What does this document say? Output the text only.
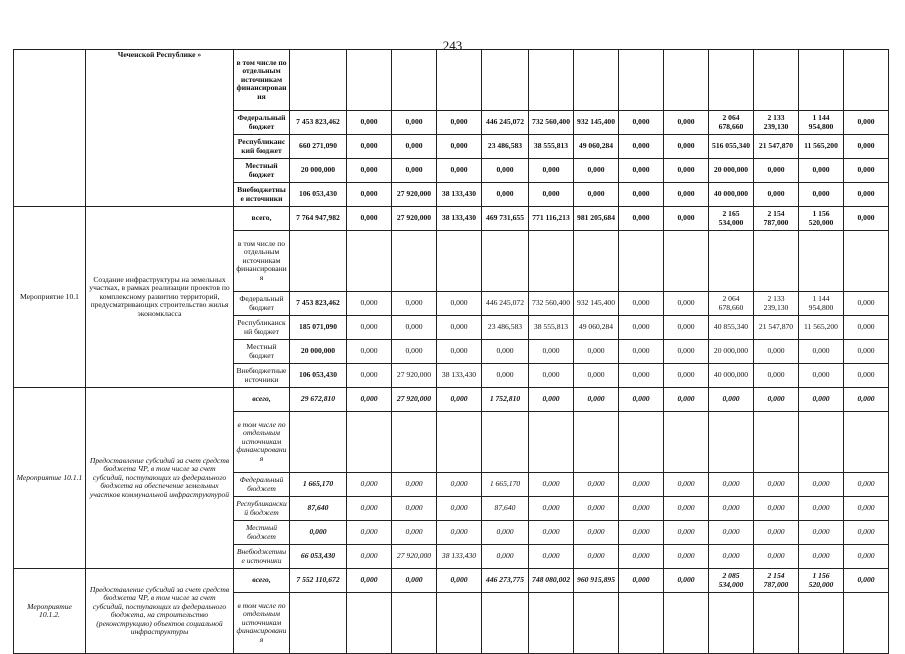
243
	Чеченской Республике »	в том числе по отдельным источникам финансирования													
		Федеральный бюджет	7 453 823,462	0,000	0,000	0,000	446 245,072	732 560,400	932 145,400	0,000	0,000	2 064 678,660	2 133 239,130	1 144 954,800	0,000
		Республиканский бюджет	660 271,090	0,000	0,000	0,000	23 486,583	38 555,813	49 060,284	0,000	0,000	516 055,340	21 547,870	11 565,200	0,000
		Местный бюджет	20 000,000	0,000	0,000	0,000	0,000	0,000	0,000	0,000	0,000	20 000,000	0,000	0,000	0,000
		Внебюджетные источники	106 053,430	0,000	27 920,000	38 133,430	0,000	0,000	0,000	0,000	0,000	40 000,000	0,000	0,000	0,000
Мероприятие 10.1	Создание инфраструктуры на земельных участках, в рамках реализации проектов по комплексному развитию территорий, предусматривающих строительство жилья экономкласса	всего,	7 764 947,982	0,000	27 920,000	38 133,430	469 731,655	771 116,213	981 205,684	0,000	0,000	2 165 534,000	2 154 787,000	1 156 520,000	0,000
		в том числе по отдельным источникам финансирования													
		Федеральный бюджет	7 453 823,462	0,000	0,000	0,000	446 245,072	732 560,400	932 145,400	0,000	0,000	2 064 678,660	2 133 239,130	1 144 954,800	0,000
		Республиканский бюджет	185 071,090	0,000	0,000	0,000	23 486,583	38 555,813	49 060,284	0,000	0,000	40 855,340	21 547,870	11 565,200	0,000
		Местный бюджет	20 000,000	0,000	0,000	0,000	0,000	0,000	0,000	0,000	0,000	20 000,000	0,000	0,000	0,000
		Внебюджетные источники	106 053,430	0,000	27 920,000	38 133,430	0,000	0,000	0,000	0,000	0,000	40 000,000	0,000	0,000	0,000
Мероприятие 10.1.1	Предоставление субсидий за счет средств бюджета ЧР, в том числе за счет субсидий, поступающих из федерального бюджета на обеспечение земельных участков коммунальной инфраструктурой	всего,	29 672,810	0,000	27 920,000	0,000	1 752,810	0,000	0,000	0,000	0,000	0,000	0,000	0,000	0,000
		в том числе по отдельным источникам финансирования													
		Федеральный бюджет	1 665,170	0,000	0,000	0,000	1 665,170	0,000	0,000	0,000	0,000	0,000	0,000	0,000	0,000
		Республиканский бюджет	87,640	0,000	0,000	0,000	87,640	0,000	0,000	0,000	0,000	0,000	0,000	0,000	0,000
		Местный бюджет	0,000	0,000	0,000	0,000	0,000	0,000	0,000	0,000	0,000	0,000	0,000	0,000	0,000
		Внебюджетные источники	66 053,430	0,000	27 920,000	38 133,430	0,000	0,000	0,000	0,000	0,000	0,000	0,000	0,000	0,000
Мероприятие 10.1.2.	Предоставление субсидий за счет средств бюджета ЧР, в том числе за счет субсидий, поступающих из федерального бюджета, на строительство (реконструкцию) объектов социальной инфраструктуры	всего,	7 552 110,672	0,000	0,000	0,000	446 273,775	748 080,002	960 915,895	0,000	0,000	2 085 534,000	2 154 787,000	1 156 520,000	0,000
		в том числе по отдельным источникам финансирования													
